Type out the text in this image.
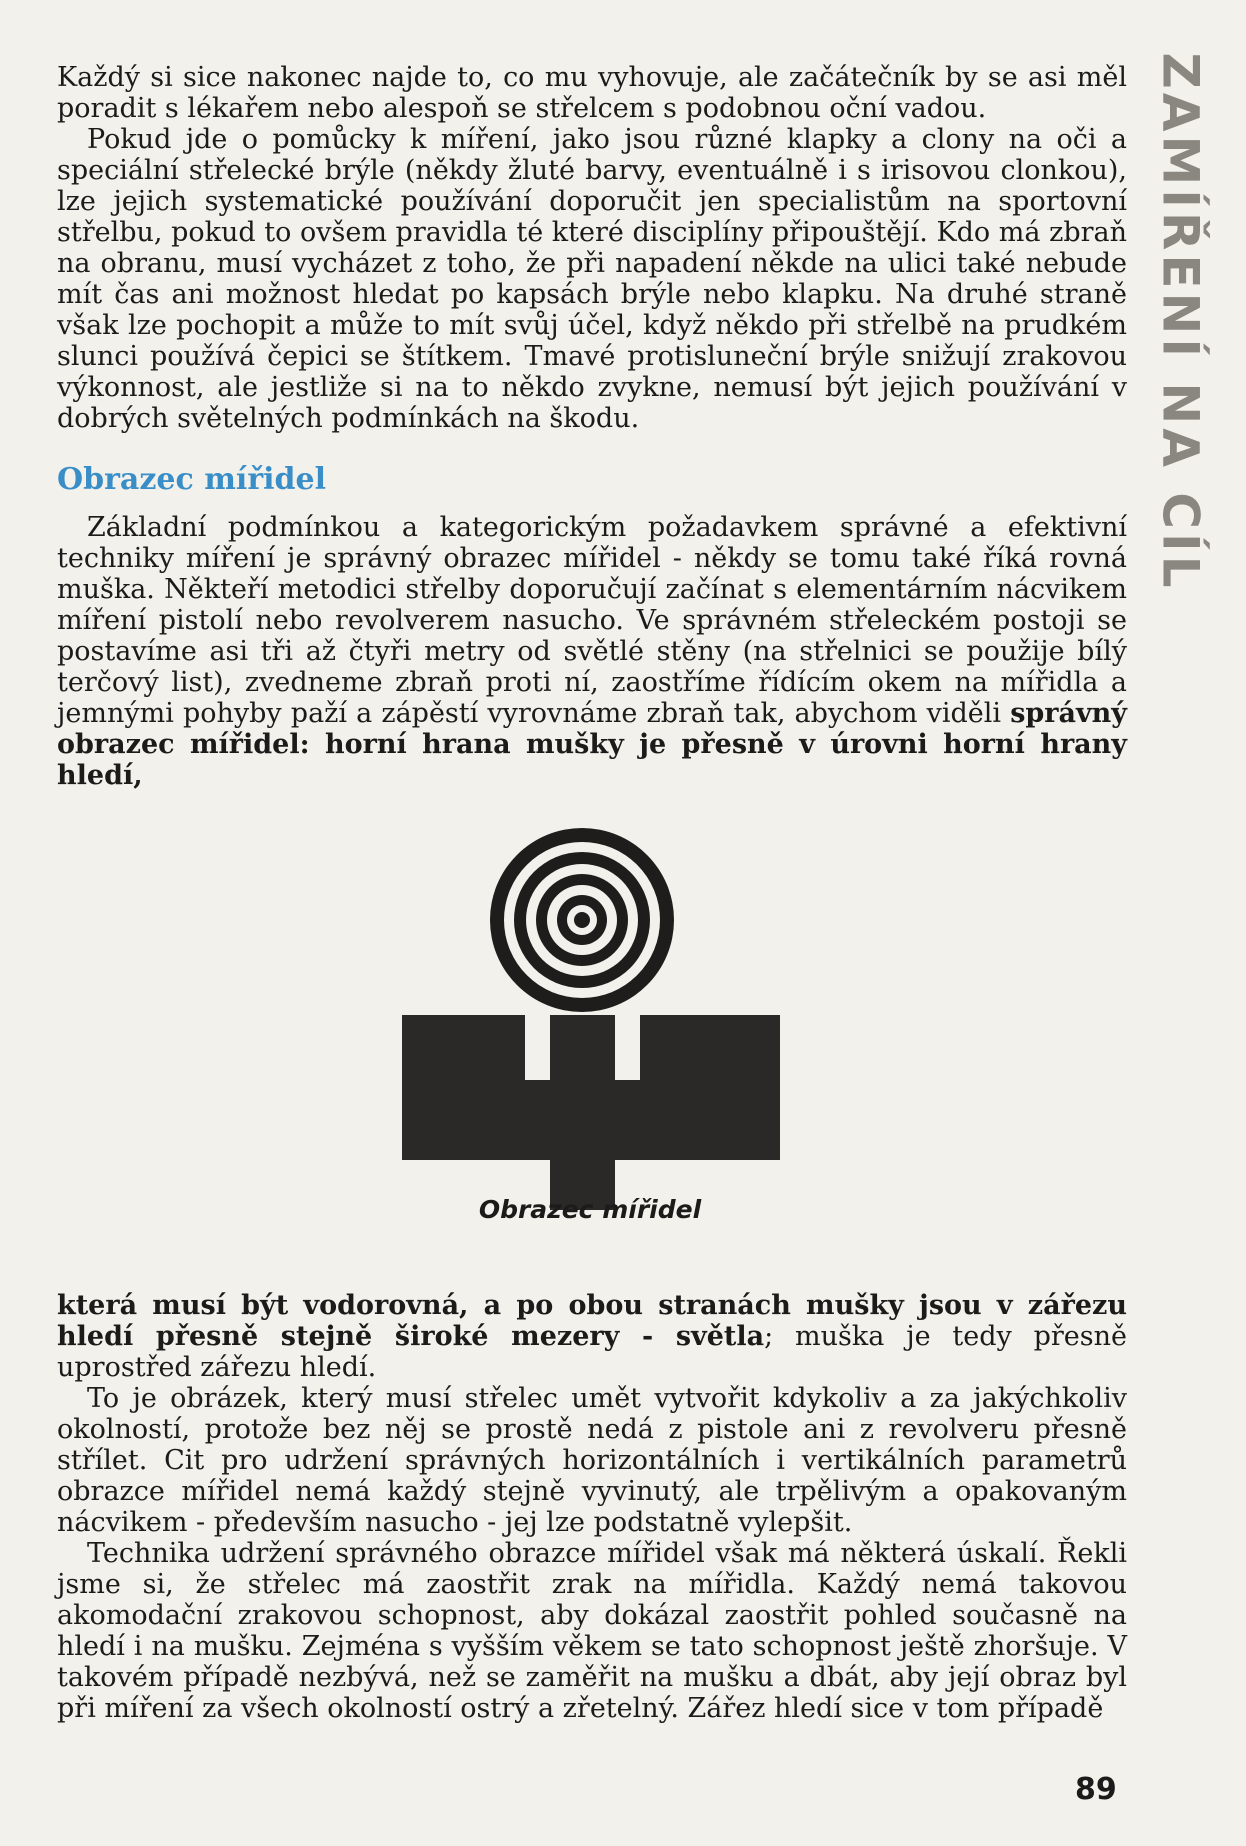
ZAMÍŘENÍ NA CÍL

Každý si sice nakonec najde to, co mu vyhovuje, ale začátečník by se asi měl poradit s lékařem nebo alespoň se střelcem s podobnou oční vadou.

Pokud jde o pomůcky k míření, jako jsou různé klapky a clony na oči a speciální střelecké brýle (někdy žluté barvy, eventuálně i s irisovou clonkou), lze jejich systematické používání doporučit jen specialistům na sportovní střelbu, pokud to ovšem pravidla té které disciplíny připouštějí. Kdo má zbraň na obranu, musí vycházet z toho, že při napadení někde na ulici také nebude mít čas ani možnost hledat po kapsách brýle nebo klapku. Na druhé straně však lze pochopit a může to mít svůj účel, když někdo při střelbě na prudkém slunci používá čepici se štítkem. Tmavé protisluneční brýle snižují zrakovou výkonnost, ale jestliže si na to někdo zvykne, nemusí být jejich používání v dobrých světelných podmínkách na škodu.

Obrazec mířidel

Základní podmínkou a kategorickým požadavkem správné a efektivní techniky míření je správný obrazec mířidel - někdy se tomu také říká rovná muška. Někteří metodici střelby doporučují začínat s elementárním nácvikem míření pistolí nebo revolverem nasucho. Ve správném střeleckém postoji se postavíme asi tři až čtyři metry od světlé stěny (na střelnici se použije bílý terčový list), zvedneme zbraň proti ní, zaostříme řídícím okem na mířidla a jemnými pohyby paží a zápěstí vyrovnáme zbraň tak, abychom viděli správný obrazec mířidel: horní hrana mušky je přesně v úrovni horní hrany hledí,

Obrazec mířidel

která musí být vodorovná, a po obou stranách mušky jsou v zářezu hledí přesně stejně široké mezery - světla; muška je tedy přesně uprostřed zářezu hledí.

To je obrázek, který musí střelec umět vytvořit kdykoliv a za jakýchkoliv okolností, protože bez něj se prostě nedá z pistole ani z revolveru přesně střílet. Cit pro udržení správných horizontálních i vertikálních parametrů obrazce mířidel nemá každý stejně vyvinutý, ale trpělivým a opakovaným nácvikem - především nasucho - jej lze podstatně vylepšit.

Technika udržení správného obrazce mířidel však má některá úskalí. Řekli jsme si, že střelec má zaostřit zrak na mířidla. Každý nemá takovou akomodační zrakovou schopnost, aby dokázal zaostřit pohled současně na hledí i na mušku. Zejména s vyšším věkem se tato schopnost ještě zhoršuje. V takovém případě nezbývá, než se zaměřit na mušku a dbát, aby její obraz byl při míření za všech okolností ostrý a zřetelný. Zářez hledí sice v tom případě

89
